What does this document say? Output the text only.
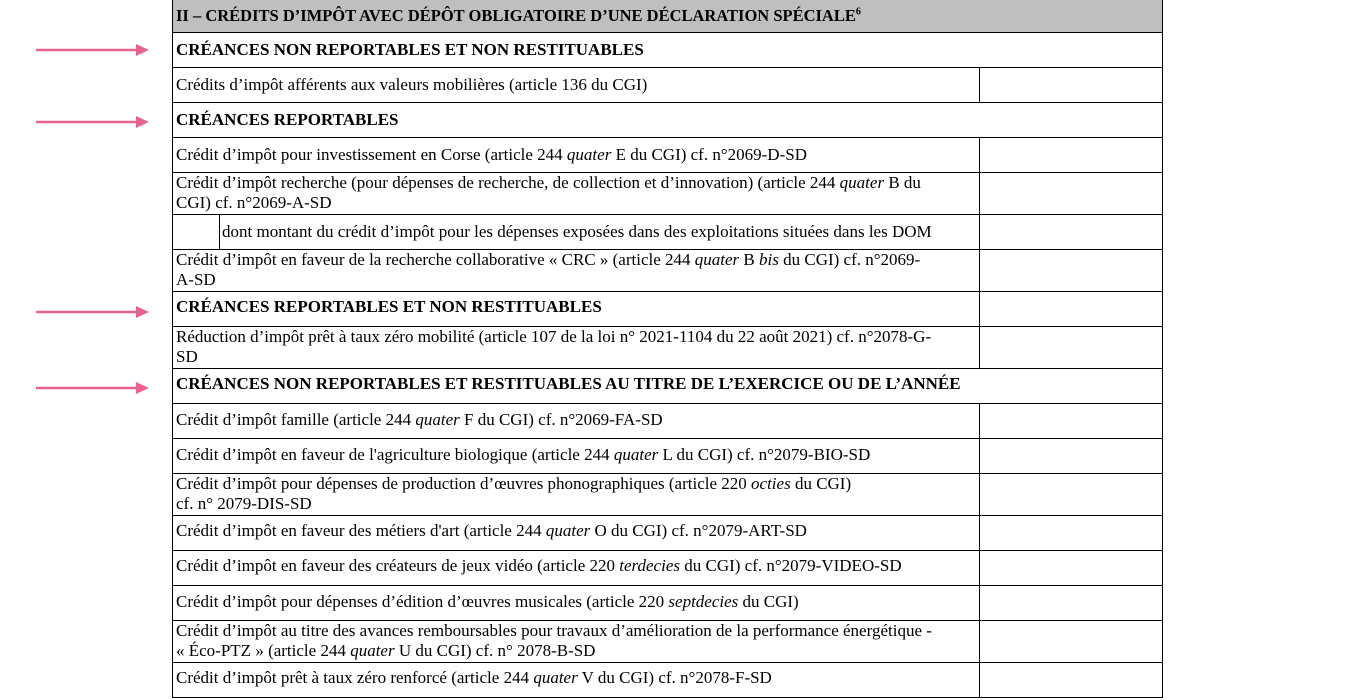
II – CRÉDITS D’IMPÔT AVEC DÉPÔT OBLIGATOIRE D’UNE DÉCLARATION SPÉCIALE$^6$
CRÉANCES NON REPORTABLES ET NON RESTITUABLES
Crédits d’impôt afférents aux valeurs mobilières (article 136 du CGI)
CRÉANCES REPORTABLES
Crédit d’impôt pour investissement en Corse (article 244 quater E du CGI) cf. n°2069-D-SD
Crédit d’impôt recherche (pour dépenses de recherche, de collection et d’innovation) (article 244 quater B du
CGI) cf. n°2069-A-SD
dont montant du crédit d’impôt pour les dépenses exposées dans des exploitations situées dans les DOM
Crédit d’impôt en faveur de la recherche collaborative « CRC » (article 244 quater B bis du CGI) cf. n°2069-
A-SD
CRÉANCES REPORTABLES ET NON RESTITUABLES
Réduction d’impôt prêt à taux zéro mobilité (article 107 de la loi n° 2021-1104 du 22 août 2021) cf. n°2078-G-
SD
CRÉANCES NON REPORTABLES ET RESTITUABLES AU TITRE DE L’EXERCICE OU DE L’ANNÉE
Crédit d’impôt famille (article 244 quater F du CGI) cf. n°2069-FA-SD
Crédit d’impôt en faveur de l'agriculture biologique (article 244 quater L du CGI) cf. n°2079-BIO-SD
Crédit d’impôt pour dépenses de production d’œuvres phonographiques (article 220 octies du CGI)
cf. n° 2079-DIS-SD
Crédit d’impôt en faveur des métiers d'art (article 244 quater O du CGI) cf. n°2079-ART-SD
Crédit d’impôt en faveur des créateurs de jeux vidéo (article 220 terdecies du CGI) cf. n°2079-VIDEO-SD
Crédit d’impôt pour dépenses d’édition d’œuvres musicales (article 220 septdecies du CGI)
Crédit d’impôt au titre des avances remboursables pour travaux d’amélioration de la performance énergétique -
« Éco-PTZ » (article 244 quater U du CGI) cf. n° 2078-B-SD
Crédit d’impôt prêt à taux zéro renforcé (article 244 quater V du CGI) cf. n°2078-F-SD
